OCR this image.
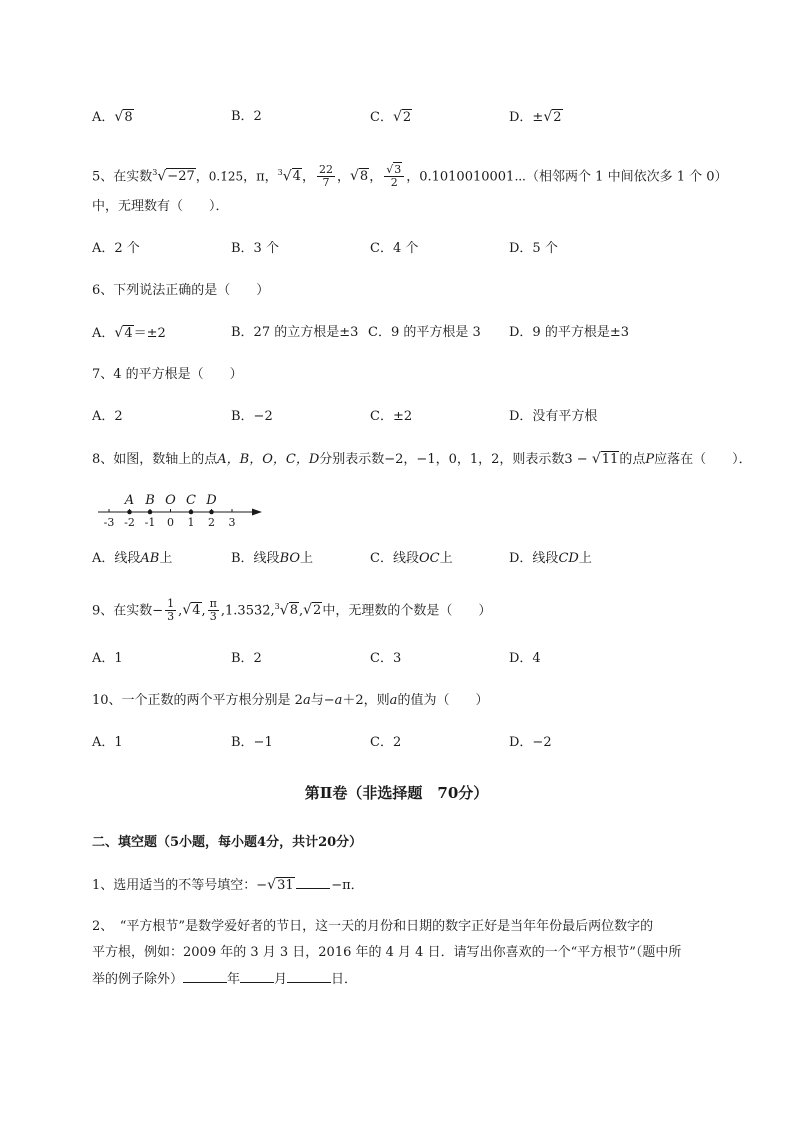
A．√8	B．2	C．√2	D．±√2
5、在实数$^3$√−27，0.1̇25̇，π，$^3$√4， $\frac{22}{7}$ ，√8， $\frac{√3}{2}$ ，0.1010010001⋯（相邻两个 1 中间依次多 1 个 0）
中，无理数有（　　）．
A．2 个	B．3 个	C．4 个	D．5 个
6、下列说法正确的是（　　）
A．√4＝±2	B．27 的立方根是±3 C．9 的平方根是 3 D．9 的平方根是±3
7、4 的平方根是（　　）
A．2	B．−2	C．±2	D．没有平方根
8、如图，数轴上的点A，B，O，C，D分别表示数−2，−1，0，1，2，则表示数3 − √11的点P应落在（　　）．
-3 -2 -1 0 1 2 3
A B O C D
A．线段AB上	B．线段BO上	C．线段OC上	D．线段CD上
9、在实数− $\frac{1}{3} ,√4$, $\frac{\pi}{3}$ ,1.353̇2̇,$^3$√8,√2中，无理数的个数是（　　）
A．1	B．2	C．3	D．4
10、一个正数的两个平方根分别是 2a与−a＋2，则a的值为（　　）
A．1	B．−1	C．2	D．−2
第Ⅱ卷（非选择题　70分）
二、填空题（5小题，每小题4分，共计20分）
1、选用适当的不等号填空：−√31  	−π．
2、　“平方根节”是数学爱好者的节日，这一天的月份和日期的数字正好是当年年份最后两位数字的
平方根，例如：2009 年的 3 月 3 日，2016 年的 4 月 4 日．请写出你喜欢的一个“平方根节”（题中所
举的例子除外）	年	月	日．
